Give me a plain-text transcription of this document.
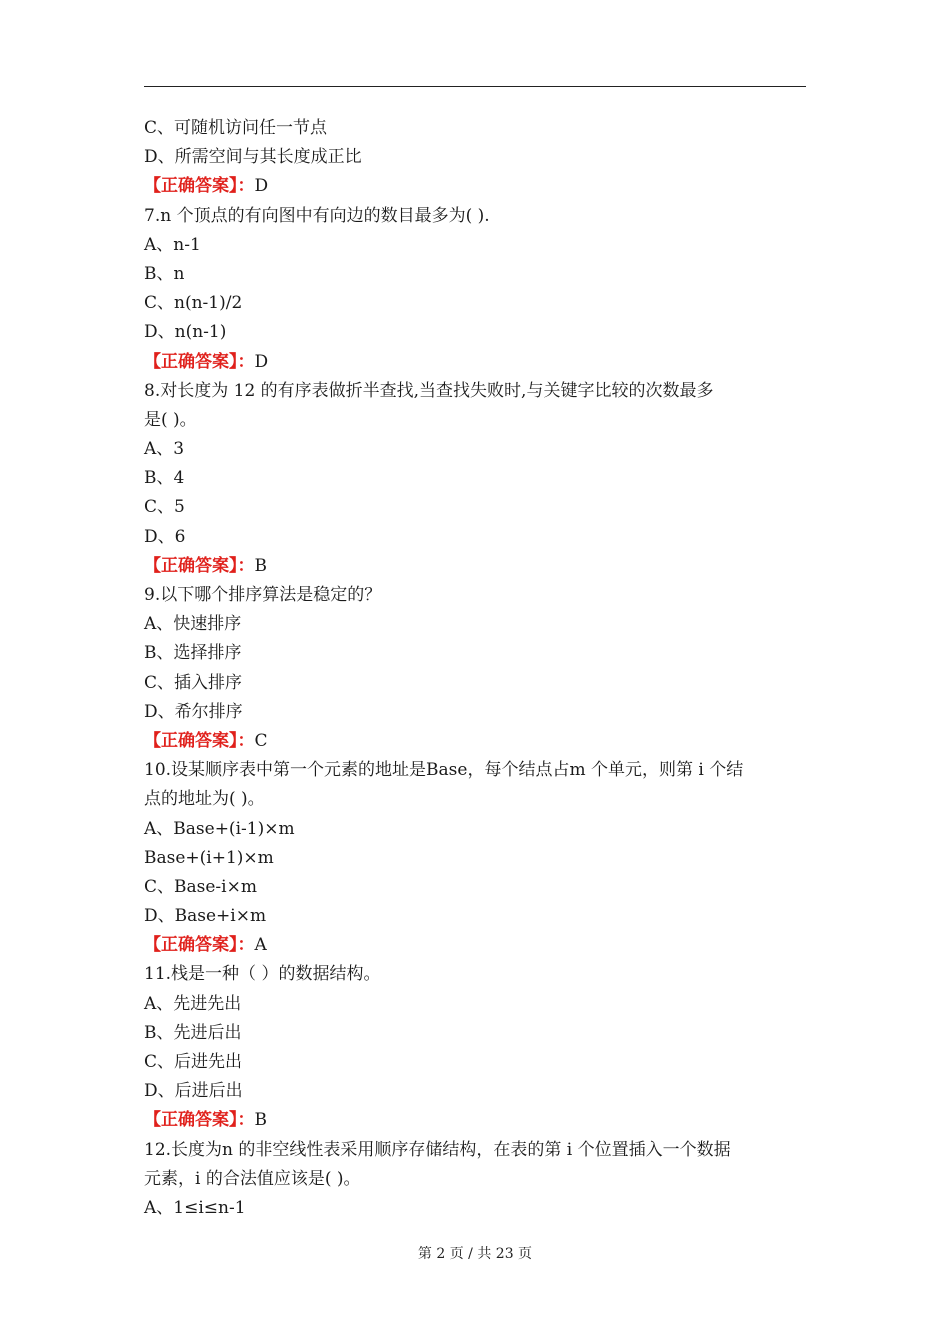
C、可随机访问任一节点
D、所需空间与其长度成正比
【正确答案】：D
7.n 个顶点的有向图中有向边的数目最多为( ).
A、n-1
B、n
C、n(n-1)/2
D、n(n-1)
【正确答案】：D
8.对长度为 12 的有序表做折半查找,当查找失败时,与关键字比较的次数最多
是( )。
A、3
B、4
C、5
D、6
【正确答案】：B
9.以下哪个排序算法是稳定的？
A、快速排序
B、选择排序
C、插入排序
D、希尔排序
【正确答案】：C
10.设某顺序表中第一个元素的地址是Base，每个结点占m 个单元，则第 i 个结
点的地址为( )。
A、Base+(i-1)×m
Base+(i+1)×m
C、Base-i×m
D、Base+i×m
【正确答案】：A
11.栈是一种（ ）的数据结构。
A、先进先出
B、先进后出
C、后进先出
D、后进后出
【正确答案】：B
12.长度为n 的非空线性表采用顺序存储结构，在表的第 i 个位置插入一个数据
元素，i 的合法值应该是( )。
A、1≤i≤n-1
第 2 页 / 共 23 页
